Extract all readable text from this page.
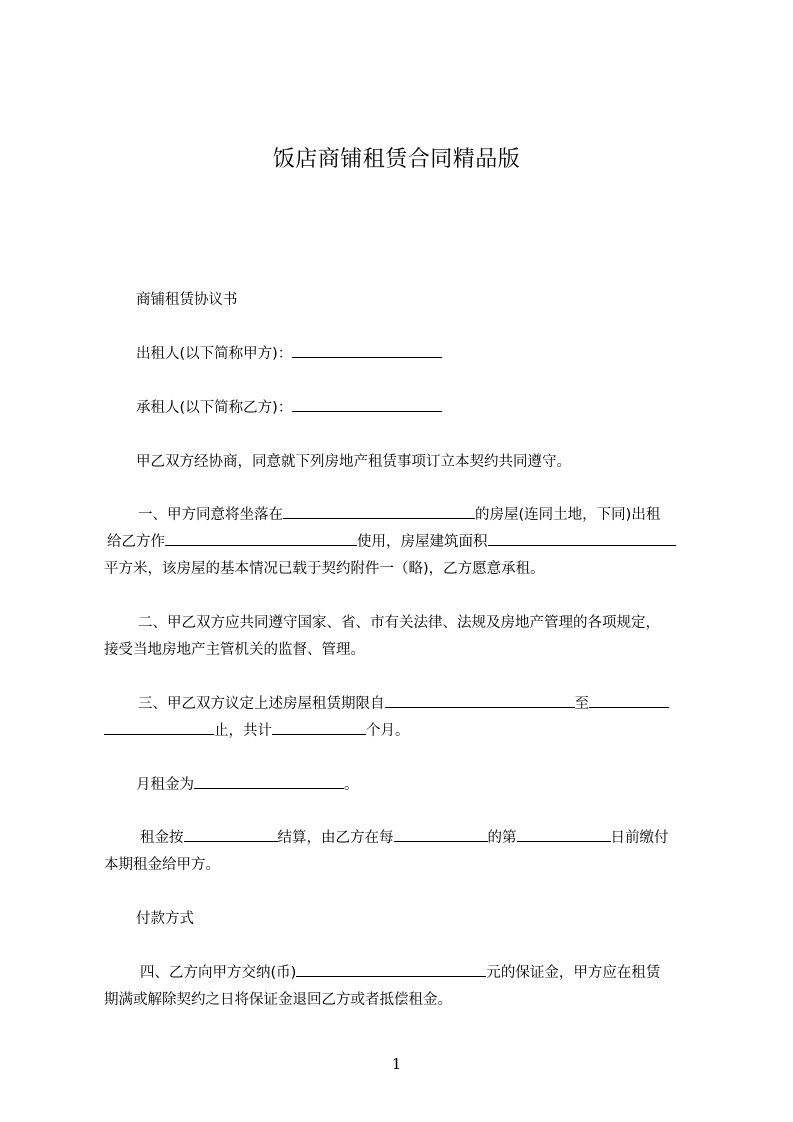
饭店商铺租赁合同精品版

商铺租赁协议书

出租人(以下简称甲方)：

承租人(以下简称乙方)：

甲乙双方经协商，同意就下列房地产租赁事项订立本契约共同遵守。

一、甲方同意将坐落在	的房屋(连同土地，下同)出租

给乙方作	使用，房屋建筑面积

平方米，该房屋的基本情况已载于契约附件一（略)，乙方愿意承租。

二、甲乙双方应共同遵守国家、省、市有关法律、法规及房地产管理的各项规定，

接受当地房地产主管机关的监督、管理。

三、甲乙双方议定上述房屋租赁期限自	至

止，共计	个月。

月租金为	。

租金按	结算，由乙方在每	的第	日前缴付

本期租金给甲方。

付款方式

四、乙方向甲方交纳(币)	元的保证金，甲方应在租赁

期满或解除契约之日将保证金退回乙方或者抵偿租金。

1
